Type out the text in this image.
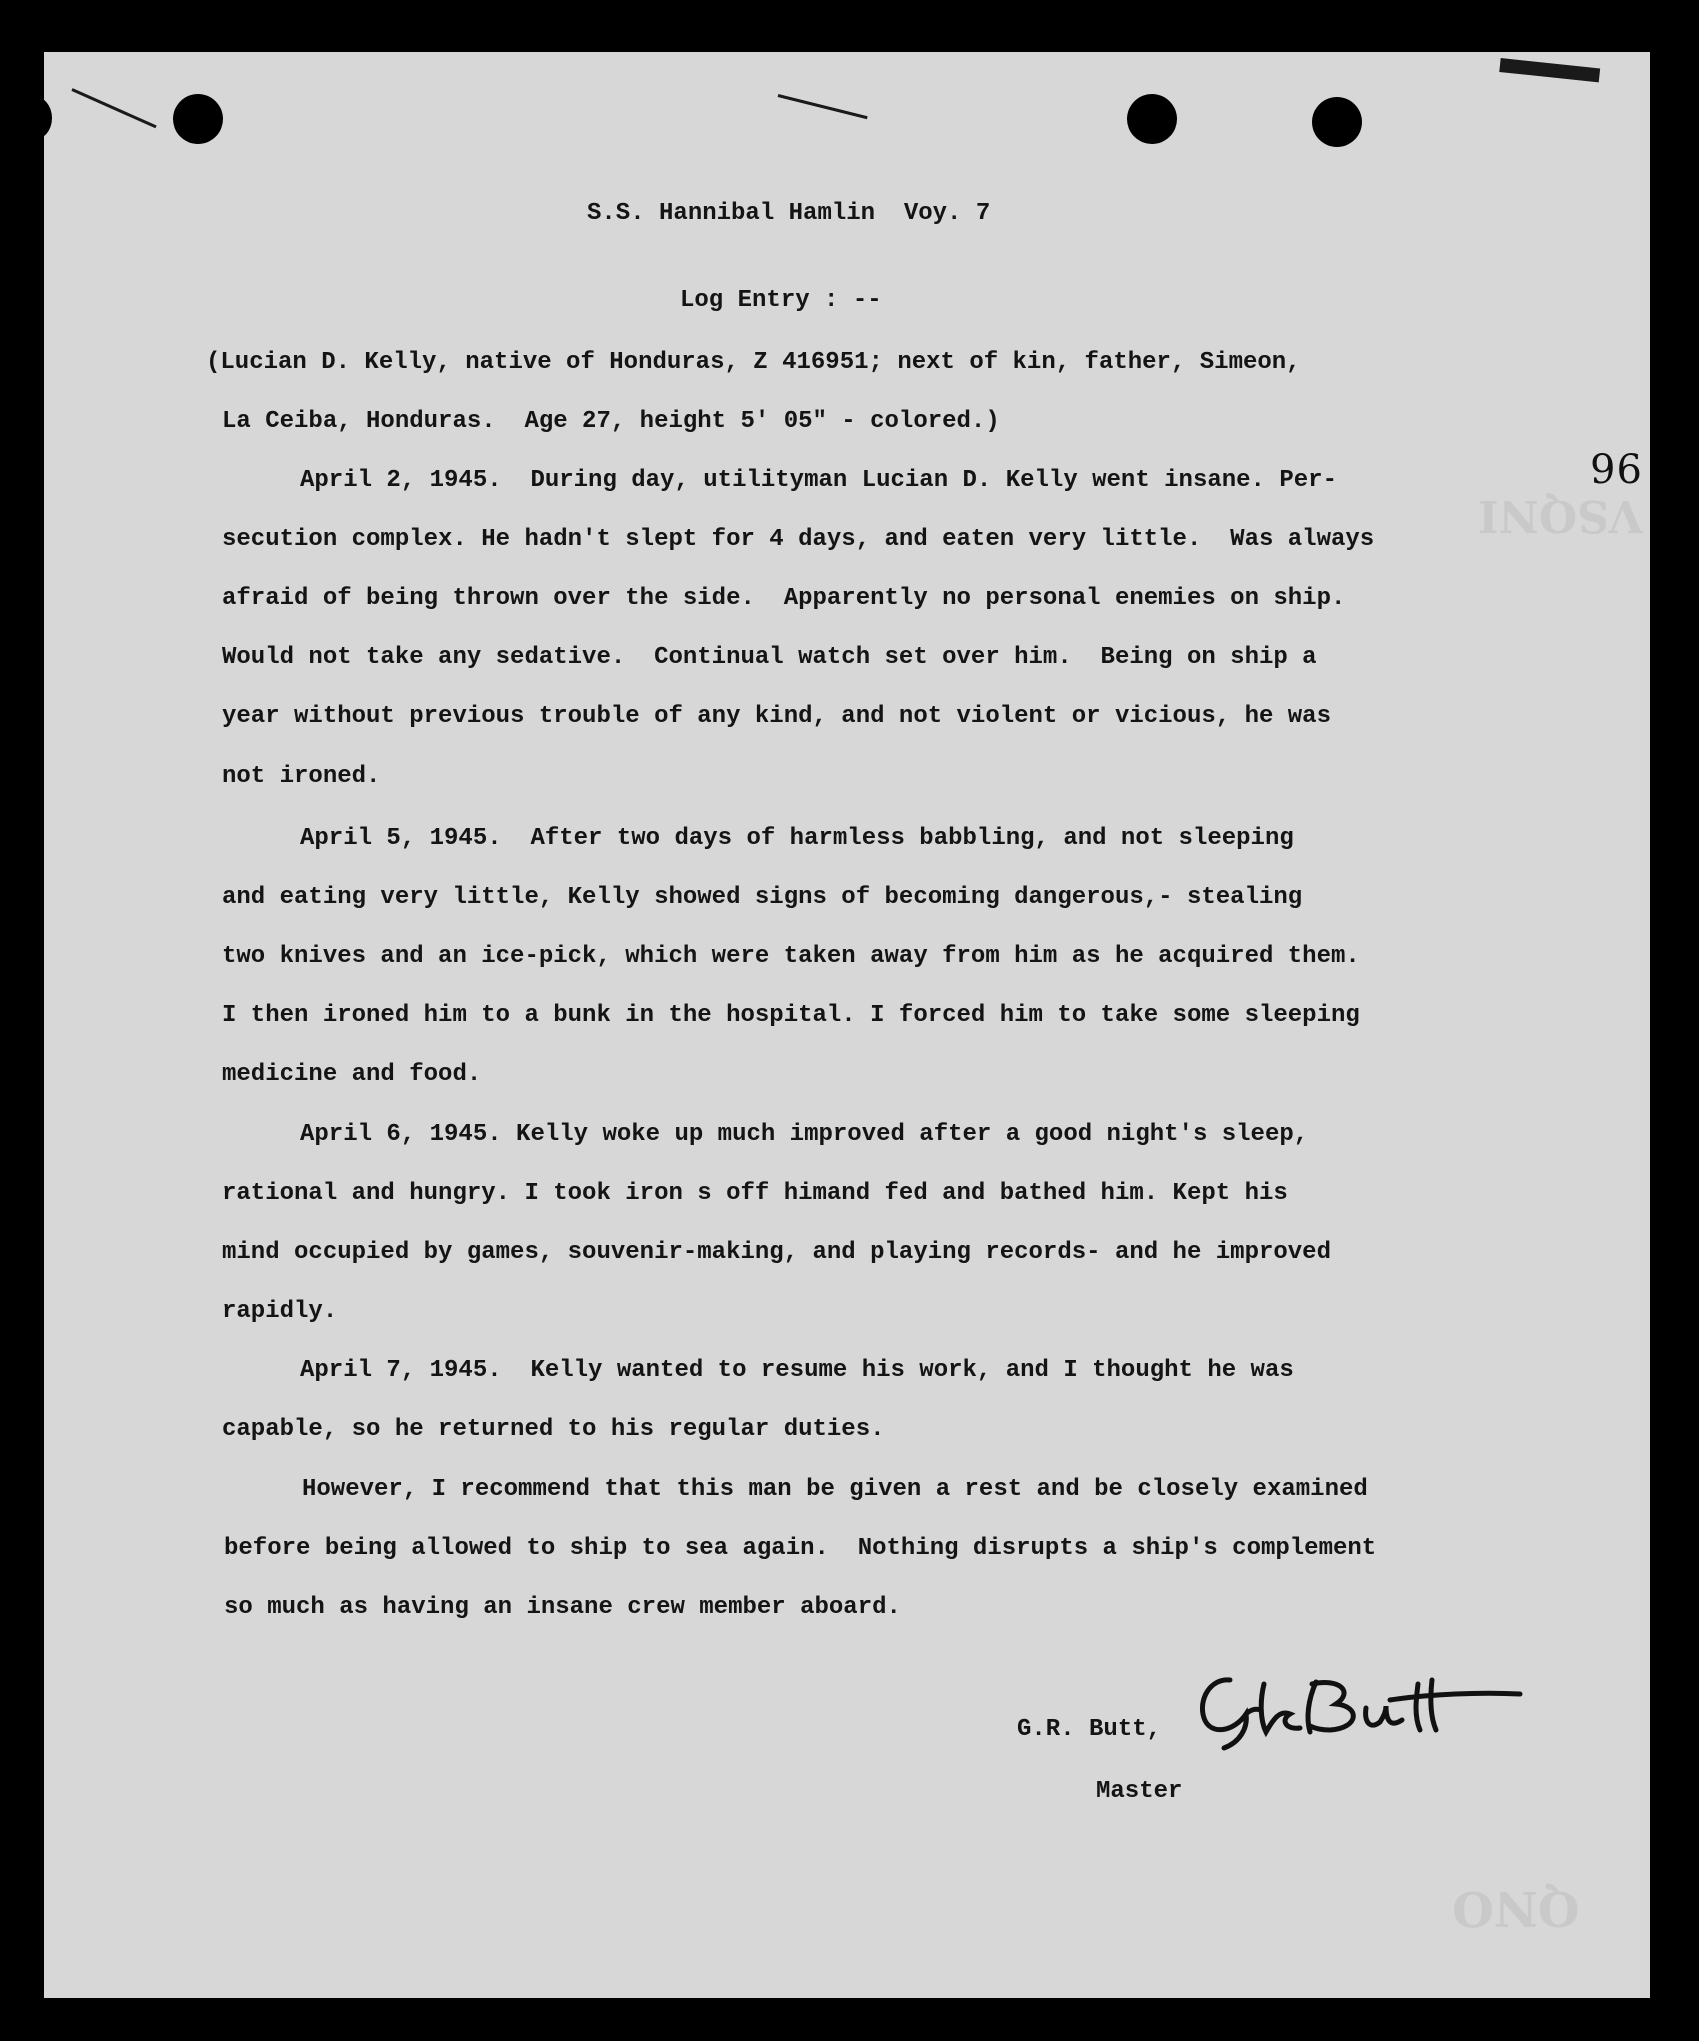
VSQNI
QNO
96
S.S. Hannibal Hamlin  Voy. 7
Log Entry : --
(Lucian D. Kelly, native of Honduras, Z 416951; next of kin, father, Simeon,
La Ceiba, Honduras.  Age 27, height 5' 05" - colored.)
April 2, 1945.  During day, utilityman Lucian D. Kelly went insane. Per-
secution complex. He hadn't slept for 4 days, and eaten very little.  Was always
afraid of being thrown over the side.  Apparently no personal enemies on ship.
Would not take any sedative.  Continual watch set over him.  Being on ship a
year without previous trouble of any kind, and not violent or vicious, he was
not ironed.
April 5, 1945.  After two days of harmless babbling, and not sleeping
and eating very little, Kelly showed signs of becoming dangerous,- stealing
two knives and an ice-pick, which were taken away from him as he acquired them.
I then ironed him to a bunk in the hospital. I forced him to take some sleeping
medicine and food.
April 6, 1945. Kelly woke up much improved after a good night's sleep,
rational and hungry. I took iron s off himand fed and bathed him. Kept his
mind occupied by games, souvenir-making, and playing records- and he improved
rapidly.
April 7, 1945.  Kelly wanted to resume his work, and I thought he was
capable, so he returned to his regular duties.
However, I recommend that this man be given a rest and be closely examined
before being allowed to ship to sea again.  Nothing disrupts a ship's complement
so much as having an insane crew member aboard.
G.R. Butt,
Master
